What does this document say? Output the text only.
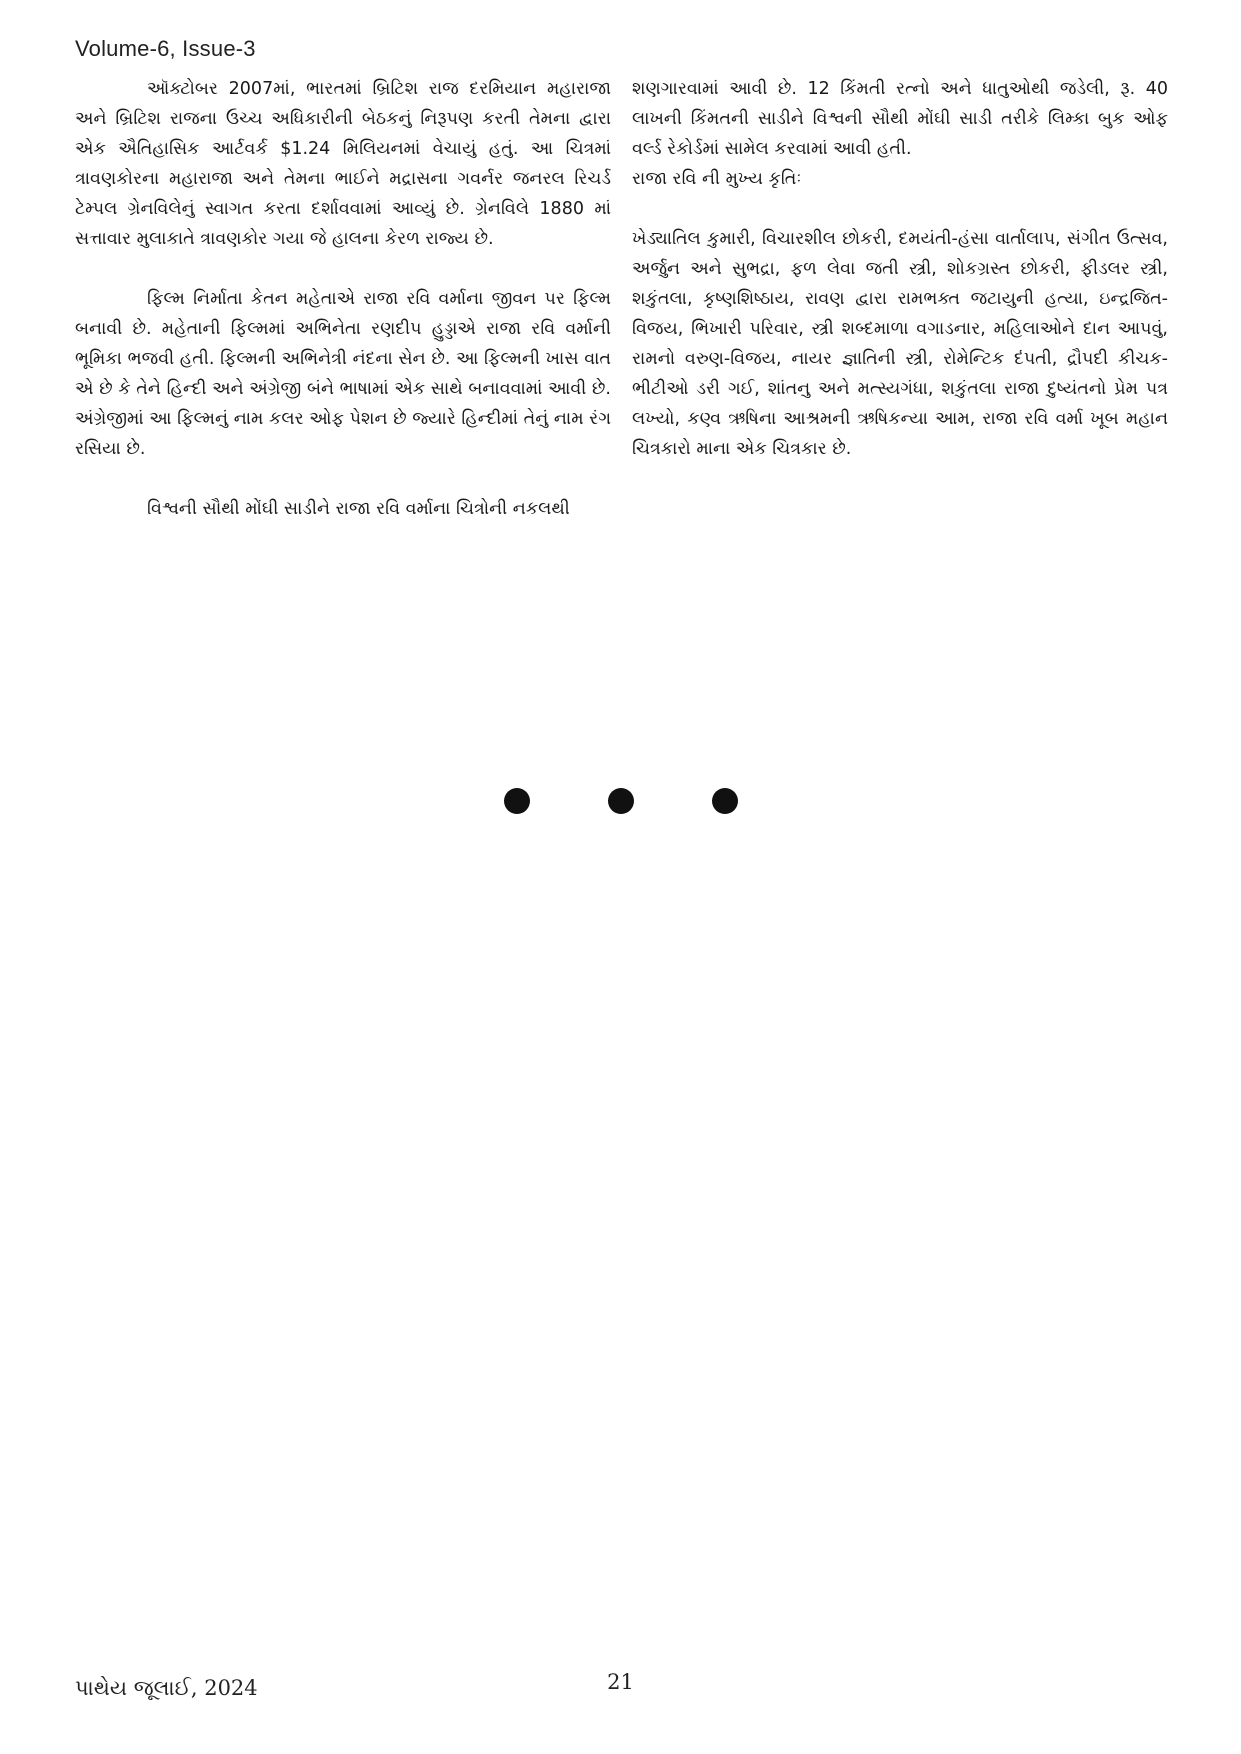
Volume-6, Issue-3

ઑક્ટોબર 2007માં, ભારતમાં બ્રિટિશ રાજ દરમિયાન મહારાજા અને બ્રિટિશ રાજના ઉચ્ચ અધિકારીની બેઠકનું નિરૂપણ કરતી તેમના દ્વારા એક ઐતિહાસિક આર્ટવર્ક $1.24 મિલિયનમાં વેચાયું હતું. આ ચિત્રમાં ત્રાવણકોરના મહારાજા અને તેમના ભાઈને મદ્રાસના ગવર્નર જનરલ રિચર્ડ ટેમ્પલ ગ્રેનવિલેનું સ્વાગત કરતા દર્શાવવામાં આવ્યું છે. ગ્રેનવિલે 1880 માં સત્તાવાર મુલાકાતે ત્રાવણકોર ગયા જે હાલના કેરળ રાજ્ય છે.

ફિલ્મ નિર્માતા કેતન મહેતાએ રાજા રવિ વર્માના જીવન પર ફિલ્મ બનાવી છે. મહેતાની ફિલ્મમાં અભિનેતા રણદીપ હુડ્ડાએ રાજા રવિ વર્માની ભૂમિકા ભજવી હતી. ફિલ્મની અભિનેત્રી નંદના સેન છે. આ ફિલ્મની ખાસ વાત એ છે કે તેને હિન્દી અને અંગ્રેજી બંને ભાષામાં એક સાથે બનાવવામાં આવી છે. અંગ્રેજીમાં આ ફિલ્મનું નામ કલર ઓફ પેશન છે જ્યારે હિન્દીમાં તેનું નામ રંગ રસિયા છે.

વિશ્વની સૌથી મોંઘી સાડીને રાજા રવિ વર્માના ચિત્રોની નકલથી

શણગારવામાં આવી છે. 12 કિંમતી રત્નો અને ધાતુઓથી જડેલી, રૂ. 40 લાખની કિંમતની સાડીને વિશ્વની સૌથી મોંઘી સાડી તરીકે લિમ્કા બુક ઓફ વર્લ્ડ રેકોર્ડમાં સામેલ કરવામાં આવી હતી.

રાજા રવિ ની મુખ્ય કૃતિઃ

ખેડ્યાતિલ કુમારી, વિચારશીલ છોકરી, દમયંતી-હંસા વાર્તાલાપ, સંગીત ઉત્સવ, અર્જુન અને સુભદ્રા, ફળ લેવા જતી સ્ત્રી, શોકગ્રસ્ત છોકરી, ફીડલર સ્ત્રી, શકુંતલા, કૃષ્ણશિષ્ઠાય, રાવણ દ્વારા રામભક્ત જટાયુની હત્યા, ઇન્દ્રજિત-વિજય, ભિખારી પરિવાર, સ્ત્રી શબ્દમાળા વગાડનાર, મહિલાઓને દાન આપવું, રામનો વરુણ-વિજય, નાયર જ્ઞાતિની સ્ત્રી, રોમેન્ટિક દંપતી, દ્રૌપદી કીચક-ભીટીઓ ડરી ગઈ, શાંતનુ અને મત્સ્યગંધા, શકુંતલા રાજા દુષ્યંતનો પ્રેમ પત્ર લખ્યો, કણ્વ ઋષિના આશ્રમની ઋષિકન્યા આમ, રાજા રવિ વર્મા ખૂબ મહાન ચિત્રકારો માના એક ચિત્રકાર છે.

પાથેય જૂલાઈ, 2024	21
